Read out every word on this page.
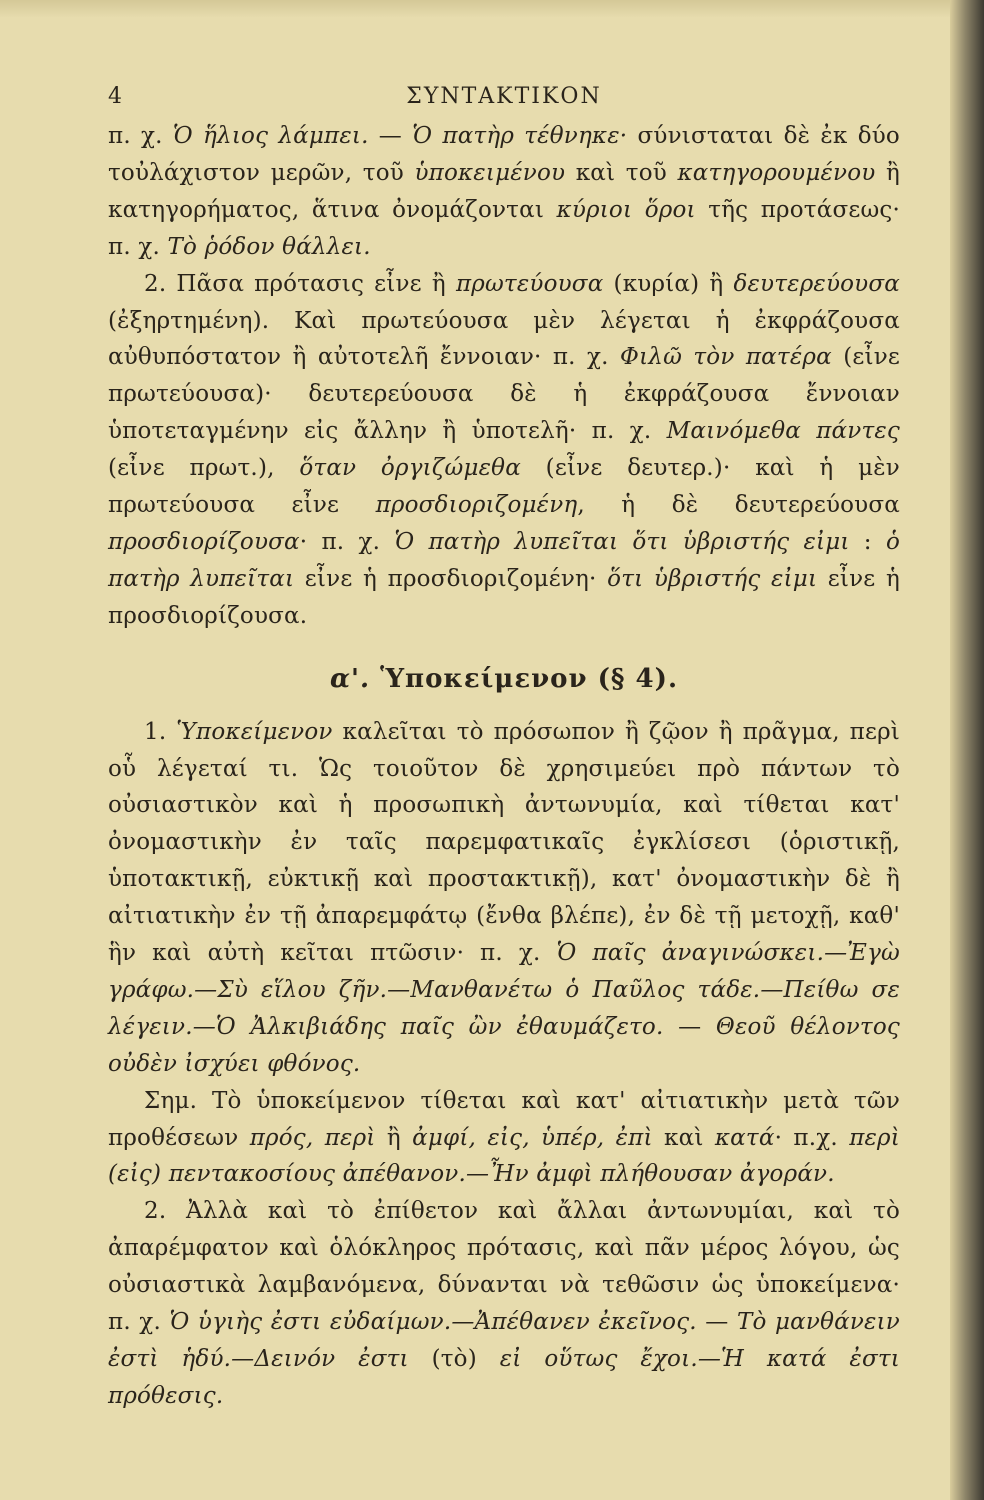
4	ΣΥΝΤΑΚΤΙΚΟΝ

π. χ. Ὁ ἥλιος λάμπει. — Ὁ πατὴρ τέθνηκε· σύνισταται δὲ ἐκ δύο τοὐλάχιστον μερῶν, τοῦ ὑποκειμένου καὶ τοῦ κατηγορουμένου ἢ κατηγορήματος, ἅτινα ὀνομάζονται κύριοι ὅροι τῆς προτάσεως· π. χ. Τὸ ῥόδον θάλλει.

2. Πᾶσα πρότασις εἶνε ἢ πρωτεύουσα (κυρία) ἢ δευτερεύουσα (ἐξηρτημένη). Καὶ πρωτεύουσα μὲν λέγεται ἡ ἐκφράζουσα αὐθυπόστατον ἢ αὐτοτελῆ ἔννοιαν· π. χ. Φιλῶ τὸν πατέρα (εἶνε πρωτεύουσα)· δευτερεύουσα δὲ ἡ ἐκφράζουσα ἔννοιαν ὑποτεταγμένην εἰς ἄλλην ἢ ὑποτελῆ· π. χ. Μαινόμεθα πάντες (εἶνε πρωτ.), ὅταν ὀργιζώμεθα (εἶνε δευτερ.)· καὶ ἡ μὲν πρωτεύουσα εἶνε προσδιοριζομένη, ἡ δὲ δευτερεύουσα προσδιορίζουσα· π. χ. Ὁ πατὴρ λυπεῖται ὅτι ὑβριστής εἰμι : ὁ πατὴρ λυπεῖται εἶνε ἡ προσδιοριζομένη· ὅτι ὑβριστής εἰμι εἶνε ἡ προσδιορίζουσα.

α'. Ὑποκείμενον (§ 4).

1. Ὑποκείμενον καλεῖται τὸ πρόσωπον ἢ ζῷον ἢ πρᾶγμα, περὶ οὗ λέγεταί τι. Ὡς τοιοῦτον δὲ χρησιμεύει πρὸ πάντων τὸ οὐσιαστικὸν καὶ ἡ προσωπικὴ ἀντωνυμία, καὶ τίθεται κατ' ὀνομαστικὴν ἐν ταῖς παρεμφατικαῖς ἐγκλίσεσι (ὁριστικῇ, ὑποτακτικῇ, εὐκτικῇ καὶ προστακτικῇ), κατ' ὀνομαστικὴν δὲ ἢ αἰτιατικὴν ἐν τῇ ἀπαρεμφάτῳ (ἔνθα βλέπε), ἐν δὲ τῇ μετοχῇ, καθ' ἣν καὶ αὐτὴ κεῖται πτῶσιν· π. χ. Ὁ παῖς ἀναγινώσκει.—Ἐγὼ γράφω.—Σὺ εἵλου ζῆν.—Μανθανέτω ὁ Παῦλος τάδε.—Πείθω σε λέγειν.—Ὁ Ἀλκιβιάδης παῖς ὢν ἐθαυμάζετο. — Θεοῦ θέλοντος οὐδὲν ἰσχύει φθόνος.

Σημ. Τὸ ὑποκείμενον τίθεται καὶ κατ' αἰτιατικὴν μετὰ τῶν προθέσεων πρός, περὶ ἢ ἀμφί, εἰς, ὑπέρ, ἐπὶ καὶ κατά· π.χ. περὶ (εἰς) πεντακοσίους ἀπέθανον.—Ἦν ἀμφὶ πλήθουσαν ἀγοράν.

2. Ἀλλὰ καὶ τὸ ἐπίθετον καὶ ἄλλαι ἀντωνυμίαι, καὶ τὸ ἀπαρέμφατον καὶ ὁλόκληρος πρότασις, καὶ πᾶν μέρος λόγου, ὡς οὐσιαστικὰ λαμβανόμενα, δύνανται νὰ τεθῶσιν ὡς ὑποκείμενα· π. χ. Ὁ ὑγιὴς ἐστι εὐδαίμων.—Ἀπέθανεν ἐκεῖνος. — Τὸ μανθάνειν ἐστὶ ἡδύ.—Δεινόν ἐστι (τὸ) εἰ οὕτως ἔχοι.—Ἡ κατά ἐστι πρόθεσις.
